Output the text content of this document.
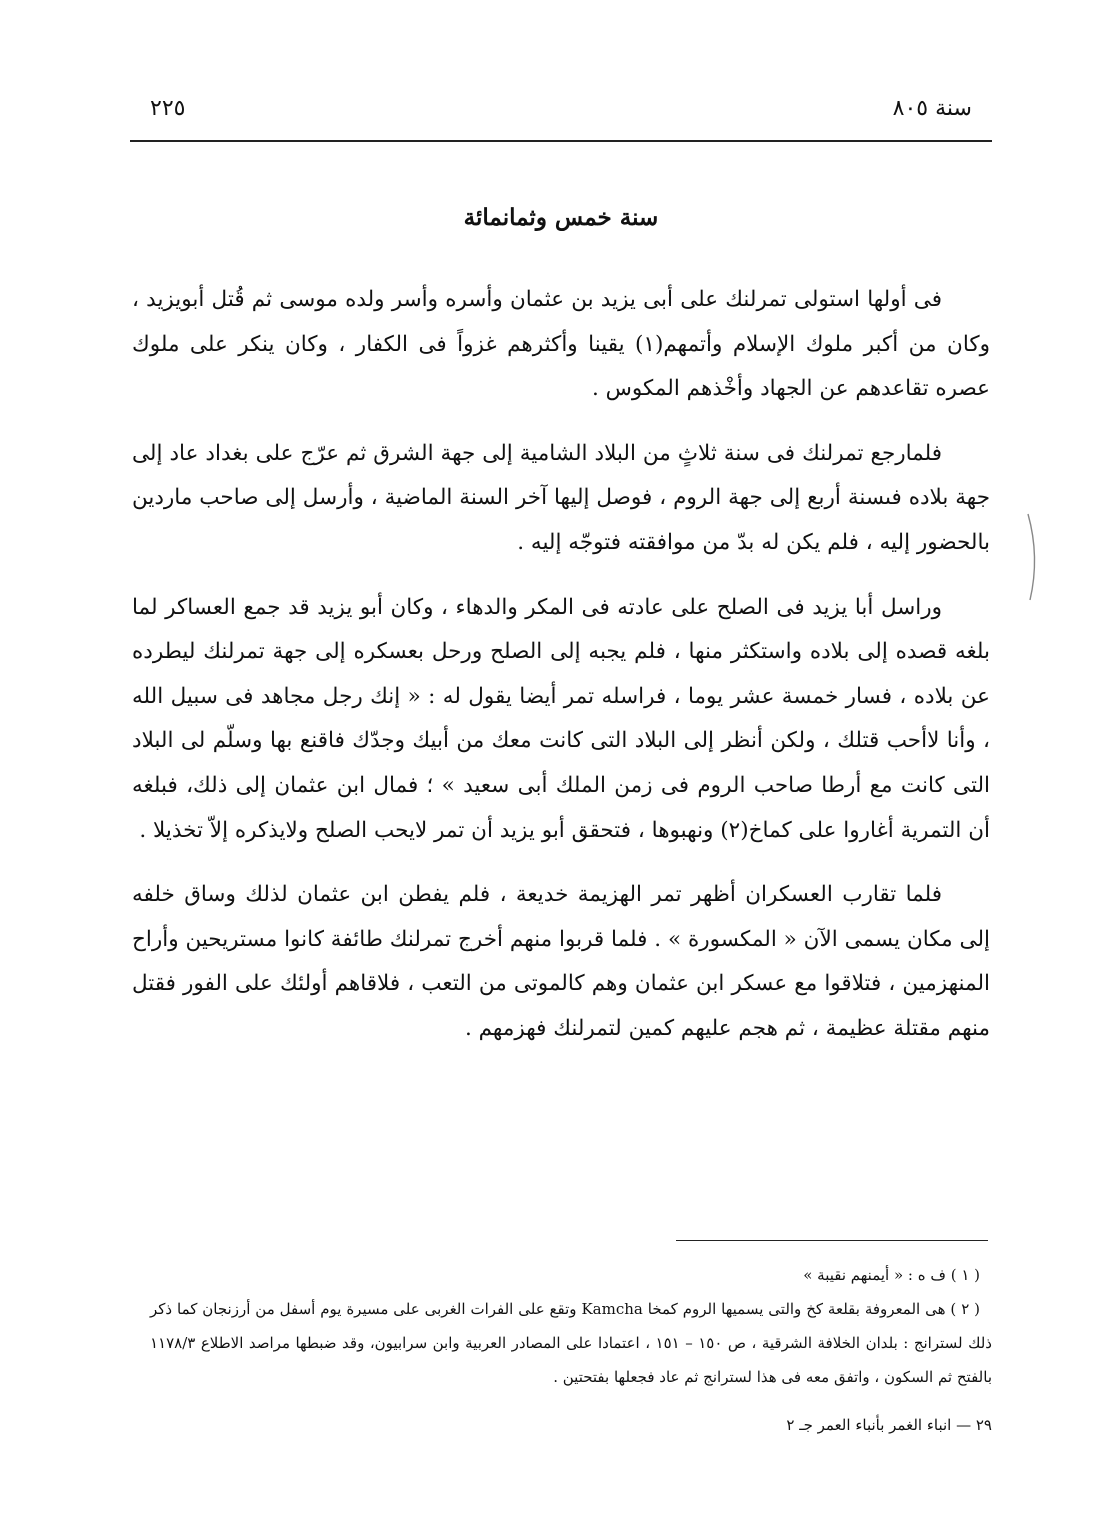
٢٢٥	سنة ٨٠٥
سنة خمس وثمانمائة

فى أولها استولى تمرلنك على أبى يزيد بن عثمان وأسره وأسر ولده موسى ثم قُتل أبويزيد ، وكان من أكبر ملوك الإسلام وأتمهم(١) يقينا وأكثرهم غزواً فى الكفار ، وكان ينكر على ملوك عصره تقاعدهم عن الجهاد وأخْذهم المكوس .

فلمارجع تمرلنك فى سنة ثلاثٍ من البلاد الشامية إلى جهة الشرق ثم عرّج على بغداد عاد إلى جهة بلاده فىسنة أربع إلى جهة الروم ، فوصل إليها آخر السنة الماضية ، وأرسل إلى صاحب ماردين بالحضور إليه ، فلم يكن له بدّ من موافقته فتوجّه إليه .

وراسل أبا يزيد فى الصلح على عادته فى المكر والدهاء ، وكان أبو يزيد قد جمع العساكر لما بلغه قصده إلى بلاده واستكثر منها ، فلم يجبه إلى الصلح ورحل بعسكره إلى جهة تمرلنك ليطرده عن بلاده ، فسار خمسة عشر يوما ، فراسله تمر أيضا يقول له : « إنك رجل مجاهد فى سبيل الله ، وأنا لاأحب قتلك ، ولكن أنظر إلى البلاد التى كانت معك من أبيك وجدّك فاقنع بها وسلّم لى البلاد التى كانت مع أرطا صاحب الروم فى زمن الملك أبى سعيد » ؛ فمال ابن عثمان إلى ذلك، فبلغه أن التمرية أغاروا على كماخ(٢) ونهبوها ، فتحقق أبو يزيد أن تمر لايحب الصلح ولايذكره إلاّ تخذيلا .

فلما تقارب العسكران أظهر تمر الهزيمة خديعة ، فلم يفطن ابن عثمان لذلك وساق خلفه إلى مكان يسمى الآن « المكسورة » . فلما قربوا منهم أخرج تمرلنك طائفة كانوا مستريحين وأراح المنهزمين ، فتلاقوا مع عسكر ابن عثمان وهم كالموتى من التعب ، فلاقاهم أولئك على الفور فقتل منهم مقتلة عظيمة ، ثم هجم عليهم كمين لتمرلنك فهزمهم .

( ١ ) ف ه : « أيمنهم نقيبة »

( ٢ ) هى المعروفة بقلعة كخ والتى يسميها الروم كمخا Kamcha وتقع على الفرات الغربى على مسيرة يوم أسفل من أرزنجان كما ذكر ذلك لسترانج : بلدان الخلافة الشرقية ، ص ١٥٠ – ١٥١ ، اعتمادا على المصادر العربية وابن سرابيون، وقد ضبطها مراصد الاطلاع ١١٧٨/٣ بالفتح ثم السكون ، واتفق معه فى هذا لسترانج ثم عاد فجعلها بفتحتين .

٢٩ — انباء الغمر بأنباء العمر جـ ٢
